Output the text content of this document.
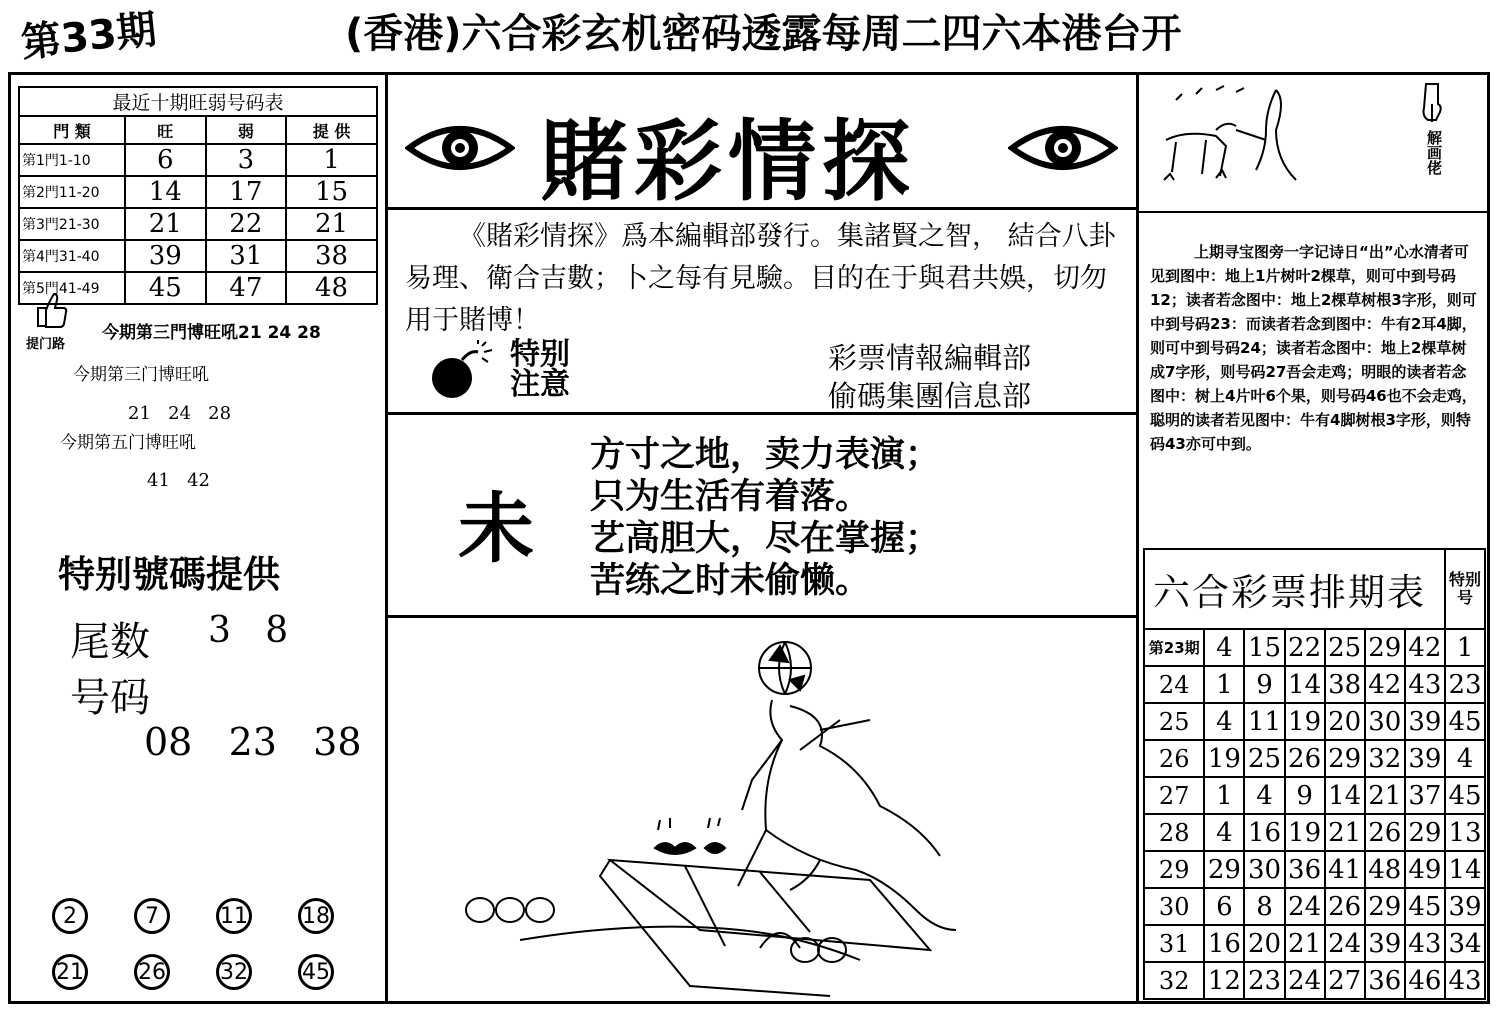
第33期	(香港)六合彩玄机密码透露每周二四六本港台开
最近十期旺弱号码表			
門 類	旺	弱	提 供
第1門1-10	6	3	1
第2門11-20	14	17	15
第3門21-30	21	22	21
第4門31-40	39	31	38
第5門41-49	45	47	48
提门路
今期第三門博旺吼21 24 28
今期第三门博旺吼
21   24   28
今期第五门博旺吼
41   42
特别號碼提供
尾数 3   8
号码
08   23   38
2	7	11 18
21 26 32 45
賭彩情探
《賭彩情探》爲本編輯部發行。集諸賢之智， 結合八卦易理、衛合吉數；卜之每有見驗。目的在于與君共娛，切勿用于賭博！
特别
注意
彩票情報編輯部
偷碼集團信息部
未
方寸之地，卖力表演；
只为生活有着落。
艺高胆大，尽在掌握；
苦练之时未偷懒。
解画佬
上期寻宝图旁一字记诗日“出”心水清者可见到图中：地上1片树叶2棵草，则可中到号码12；读者若念图中：地上2棵草树根3字形，则可中到号码23：而读者若念到图中：牛有2耳4脚，则可中到号码24；读者若念图中：地上2棵草树成7字形，则号码27吾会走鸡；明眼的读者若念图中：树上4片叶6个果，则号码46也不会走鸡，聪明的读者若见图中：牛有4脚树根3字形，则特码43亦可中到。
六合彩票排期表							特别号
第23期	4	15	22	25	29	42	1
24	1	9	14	38	42	43	23
25	4	11	19	20	30	39	45
26	19	25	26	29	32	39	4
27	1	4	9	14	21	37	45
28	4	16	19	21	26	29	13
29	29	30	36	41	48	49	14
30	6	8	24	26	29	45	39
31	16	20	21	24	39	43	34
32	12	23	24	27	36	46	43
